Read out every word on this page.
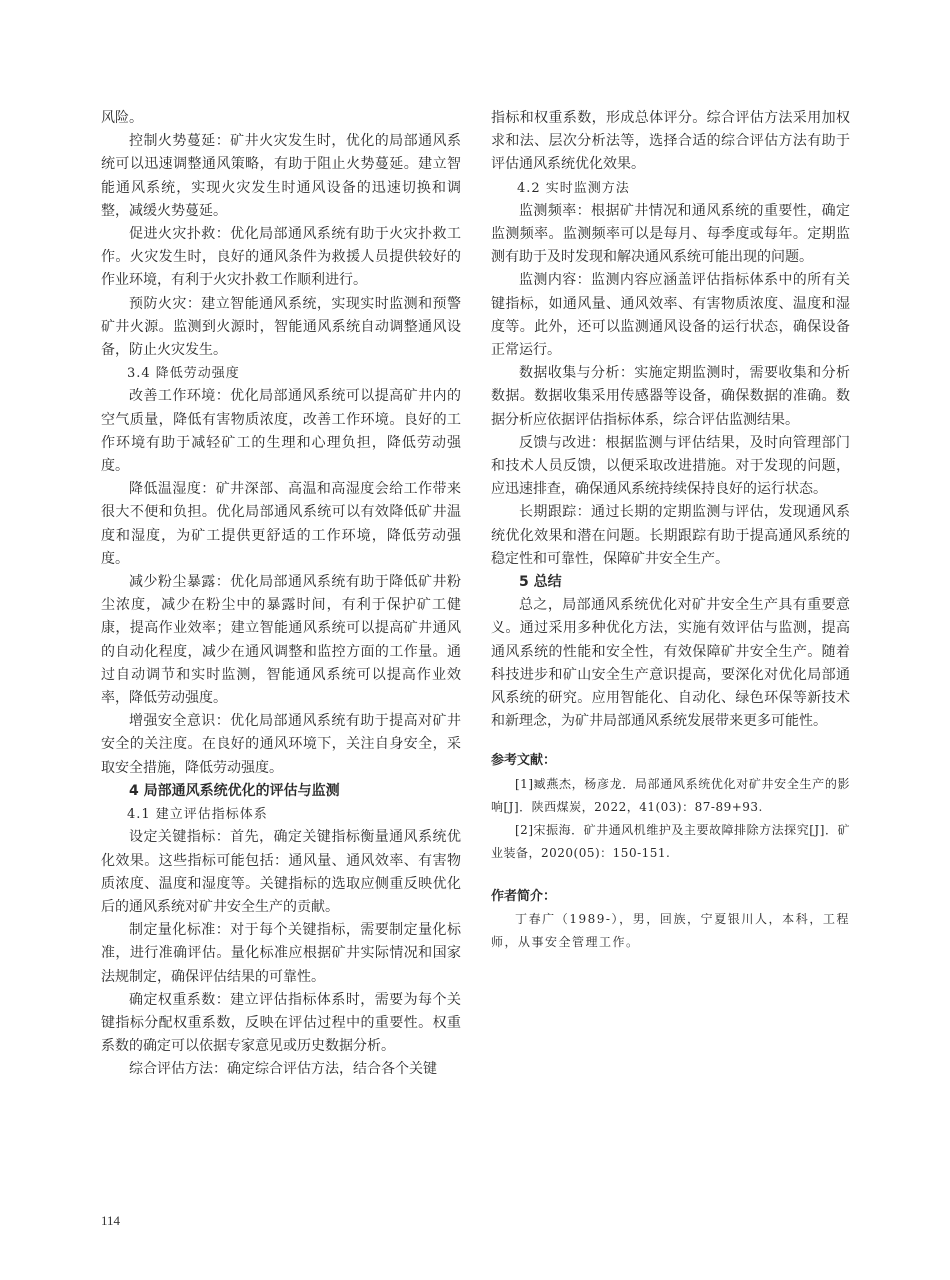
风险。

控制火势蔓延：矿井火灾发生时，优化的局部通风系统可以迅速调整通风策略，有助于阻止火势蔓延。建立智能通风系统，实现火灾发生时通风设备的迅速切换和调整，减缓火势蔓延。

促进火灾扑救：优化局部通风系统有助于火灾扑救工作。火灾发生时，良好的通风条件为救援人员提供较好的作业环境，有利于火灾扑救工作顺利进行。

预防火灾：建立智能通风系统，实现实时监测和预警矿井火源。监测到火源时，智能通风系统自动调整通风设备，防止火灾发生。

3.4 降低劳动强度

改善工作环境：优化局部通风系统可以提高矿井内的空气质量，降低有害物质浓度，改善工作环境。良好的工作环境有助于减轻矿工的生理和心理负担，降低劳动强度。

降低温湿度：矿井深部、高温和高湿度会给工作带来很大不便和负担。优化局部通风系统可以有效降低矿井温度和湿度，为矿工提供更舒适的工作环境，降低劳动强度。

减少粉尘暴露：优化局部通风系统有助于降低矿井粉尘浓度，减少在粉尘中的暴露时间，有利于保护矿工健康，提高作业效率；建立智能通风系统可以提高矿井通风的自动化程度，减少在通风调整和监控方面的工作量。通过自动调节和实时监测，智能通风系统可以提高作业效率，降低劳动强度。

增强安全意识：优化局部通风系统有助于提高对矿井安全的关注度。在良好的通风环境下，关注自身安全，采取安全措施，降低劳动强度。

4 局部通风系统优化的评估与监测
4.1 建立评估指标体系

设定关键指标：首先，确定关键指标衡量通风系统优化效果。这些指标可能包括：通风量、通风效率、有害物质浓度、温度和湿度等。关键指标的选取应侧重反映优化后的通风系统对矿井安全生产的贡献。

制定量化标准：对于每个关键指标，需要制定量化标准，进行准确评估。量化标准应根据矿井实际情况和国家法规制定，确保评估结果的可靠性。

确定权重系数：建立评估指标体系时，需要为每个关键指标分配权重系数，反映在评估过程中的重要性。权重系数的确定可以依据专家意见或历史数据分析。

综合评估方法：确定综合评估方法，结合各个关键

指标和权重系数，形成总体评分。综合评估方法采用加权求和法、层次分析法等，选择合适的综合评估方法有助于评估通风系统优化效果。

4.2 实时监测方法

监测频率：根据矿井情况和通风系统的重要性，确定监测频率。监测频率可以是每月、每季度或每年。定期监测有助于及时发现和解决通风系统可能出现的问题。

监测内容：监测内容应涵盖评估指标体系中的所有关键指标，如通风量、通风效率、有害物质浓度、温度和湿度等。此外，还可以监测通风设备的运行状态，确保设备正常运行。

数据收集与分析：实施定期监测时，需要收集和分析数据。数据收集采用传感器等设备，确保数据的准确。数据分析应依据评估指标体系，综合评估监测结果。

反馈与改进：根据监测与评估结果，及时向管理部门和技术人员反馈，以便采取改进措施。对于发现的问题，应迅速排查，确保通风系统持续保持良好的运行状态。

长期跟踪：通过长期的定期监测与评估，发现通风系统优化效果和潜在问题。长期跟踪有助于提高通风系统的稳定性和可靠性，保障矿井安全生产。

5 总结

总之，局部通风系统优化对矿井安全生产具有重要意义。通过采用多种优化方法，实施有效评估与监测，提高通风系统的性能和安全性，有效保障矿井安全生产。随着科技进步和矿山安全生产意识提高，要深化对优化局部通风系统的研究。应用智能化、自动化、绿色环保等新技术和新理念，为矿井局部通风系统发展带来更多可能性。

参考文献：

[1]臧燕杰，杨彦龙．局部通风系统优化对矿井安全生产的影响[J]．陕西煤炭，2022，41(03)：87-89+93.

[2]宋振海．矿井通风机维护及主要故障排除方法探究[J]．矿业装备，2020(05)：150-151.

作者简介：

丁春广（1989-），男，回族，宁夏银川人，本科，工程师，从事安全管理工作。

114
